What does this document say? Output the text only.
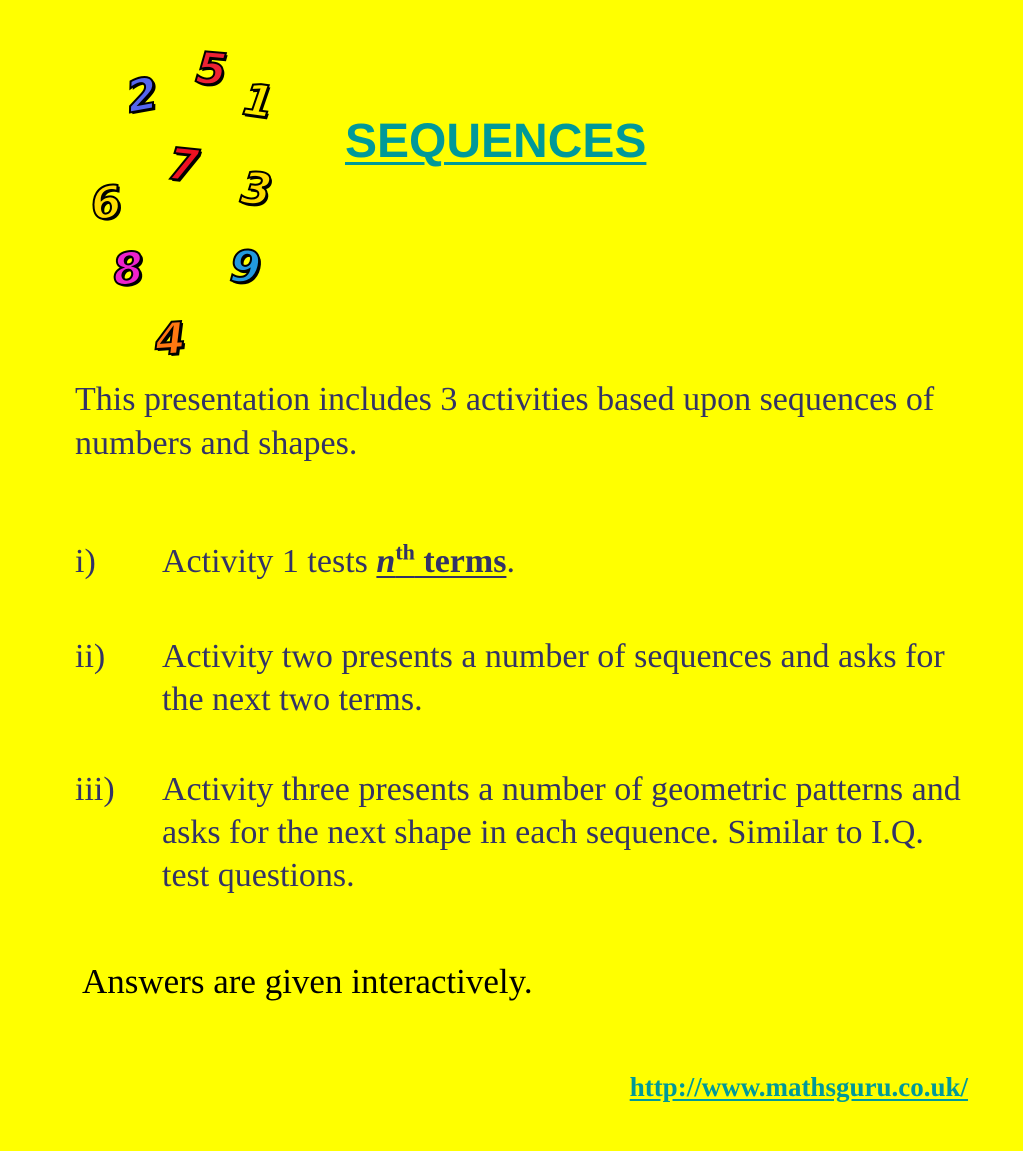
2 5
1
7
6	3
8 9
4
SEQUENCES

This presentation includes 3 activities based upon sequences of numbers and shapes.

i) Activity 1 tests $n^{th}$ terms.
ii) Activity two presents a number of sequences and asks for the next two terms.
iii) Activity three presents a number of geometric patterns and asks for the next shape in each sequence. Similar to I.Q. test questions.

Answers are given interactively.

http://www.mathsguru.co.uk/
